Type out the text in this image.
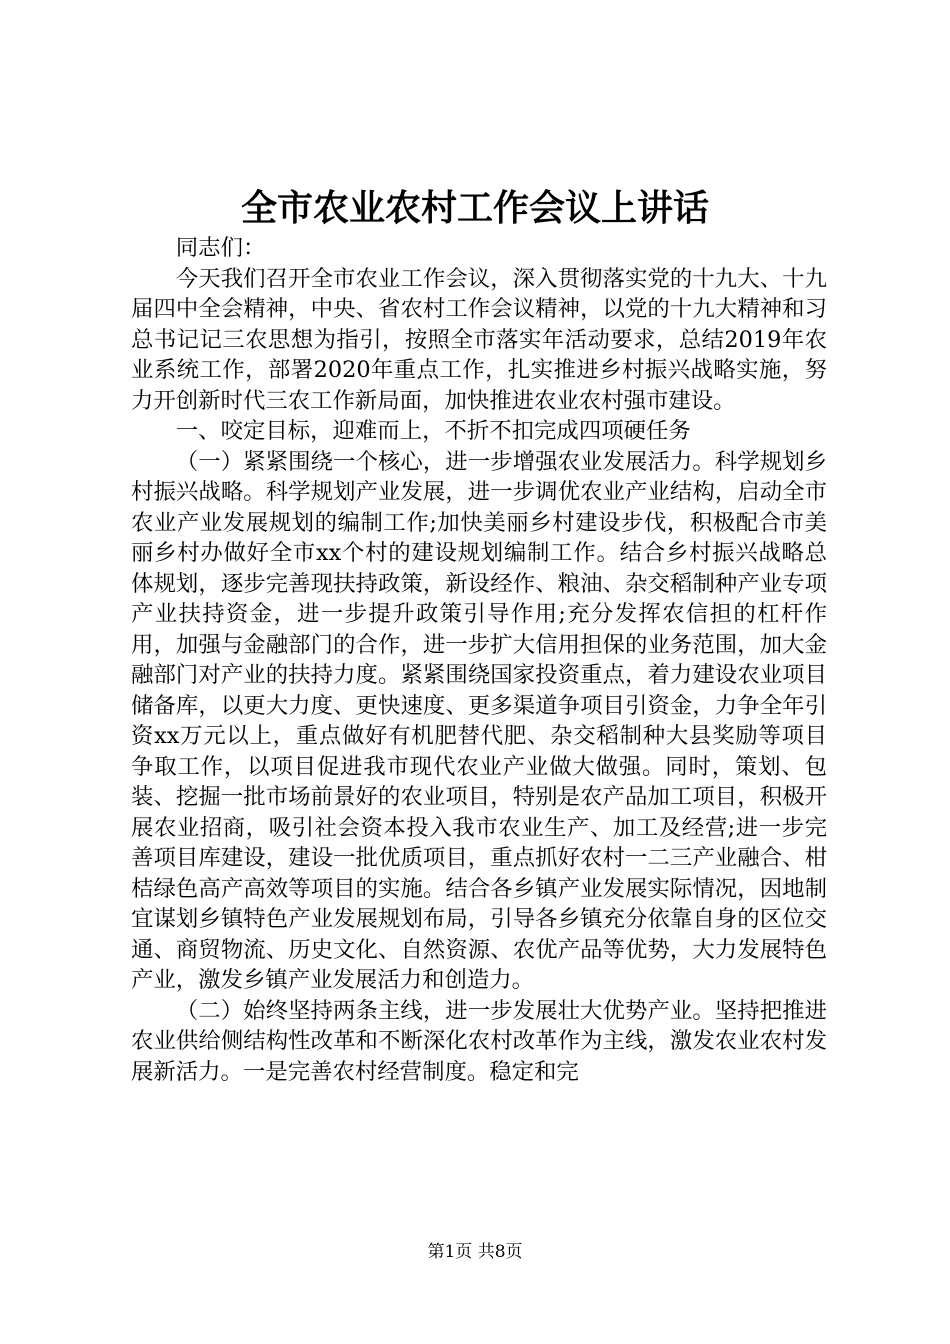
全市农业农村工作会议上讲话

同志们：

今天我们召开全市农业工作会议，深入贯彻落实党的十九大、十九届四中全会精神，中央、省农村工作会议精神，以党的十九大精神和习总书记记三农思想为指引，按照全市落实年活动要求，总结2019年农业系统工作，部署2020年重点工作，扎实推进乡村振兴战略实施，努力开创新时代三农工作新局面，加快推进农业农村强市建设。

一、咬定目标，迎难而上，不折不扣完成四项硬任务

（一）紧紧围绕一个核心，进一步增强农业发展活力。科学规划乡村振兴战略。科学规划产业发展，进一步调优农业产业结构，启动全市农业产业发展规划的编制工作;加快美丽乡村建设步伐，积极配合市美丽乡村办做好全市xx个村的建设规划编制工作。结合乡村振兴战略总体规划，逐步完善现扶持政策，新设经作、粮油、杂交稻制种产业专项产业扶持资金，进一步提升政策引导作用;充分发挥农信担的杠杆作用，加强与金融部门的合作，进一步扩大信用担保的业务范围，加大金融部门对产业的扶持力度。紧紧围绕国家投资重点，着力建设农业项目储备库，以更大力度、更快速度、更多渠道争项目引资金，力争全年引资xx万元以上，重点做好有机肥替代肥、杂交稻制种大县奖励等项目争取工作，以项目促进我市现代农业产业做大做强。同时，策划、包装、挖掘一批市场前景好的农业项目，特别是农产品加工项目，积极开展农业招商，吸引社会资本投入我市农业生产、加工及经营;进一步完善项目库建设，建设一批优质项目，重点抓好农村一二三产业融合、柑桔绿色高产高效等项目的实施。结合各乡镇产业发展实际情况，因地制宜谋划乡镇特色产业发展规划布局，引导各乡镇充分依靠自身的区位交通、商贸物流、历史文化、自然资源、农优产品等优势，大力发展特色产业，激发乡镇产业发展活力和创造力。

（二）始终坚持两条主线，进一步发展壮大优势产业。坚持把推进农业供给侧结构性改革和不断深化农村改革作为主线，激发农业农村发展新活力。一是完善农村经营制度。稳定和完

第1页 共8页
